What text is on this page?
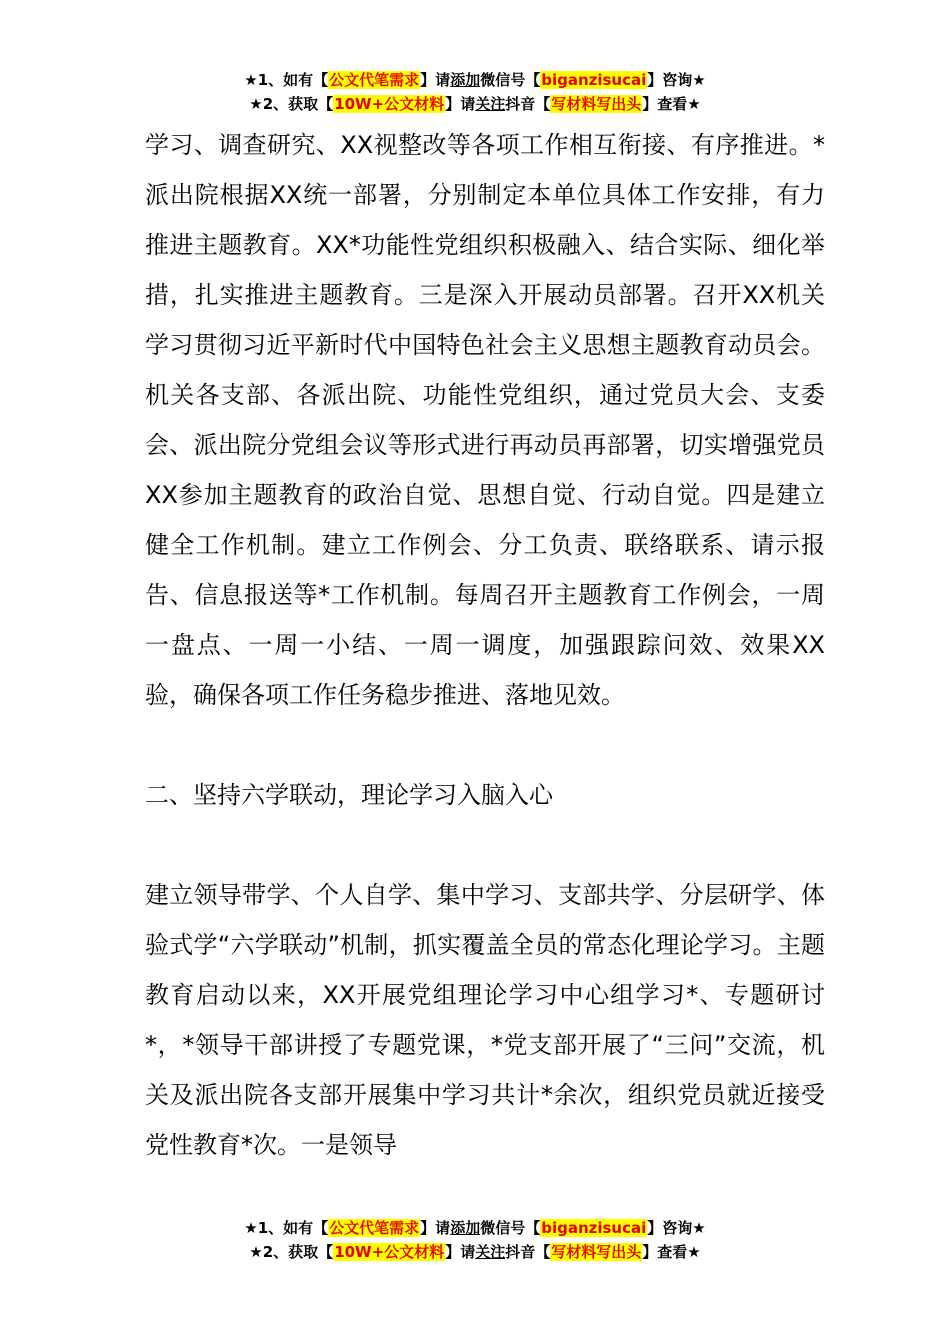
★1、如有【公文代笔需求】请添加微信号【biganzisucai】咨询★
★2、获取【10W+公文材料】请关注抖音【写材料写出头】查看★

学习、调查研究、XX视整改等各项工作相互衔接、有序推进。*派出院根据XX统一部署，分别制定本单位具体工作安排，有力推进主题教育。XX*功能性党组织积极融入、结合实际、细化举措，扎实推进主题教育。三是深入开展动员部署。召开XX机关学习贯彻习近平新时代中国特色社会主义思想主题教育动员会。机关各支部、各派出院、功能性党组织，通过党员大会、支委会、派出院分党组会议等形式进行再动员再部署，切实增强党员XX参加主题教育的政治自觉、思想自觉、行动自觉。四是建立健全工作机制。建立工作例会、分工负责、联络联系、请示报告、信息报送等*工作机制。每周召开主题教育工作例会，一周一盘点、一周一小结、一周一调度，加强跟踪问效、效果XX验，确保各项工作任务稳步推进、落地见效。

二、坚持六学联动，理论学习入脑入心

建立领导带学、个人自学、集中学习、支部共学、分层研学、体验式学“六学联动”机制，抓实覆盖全员的常态化理论学习。主题教育启动以来，XX开展党组理论学习中心组学习*、专题研讨*，*领导干部讲授了专题党课，*党支部开展了“三问”交流，机关及派出院各支部开展集中学习共计*余次，组织党员就近接受党性教育*次。一是领导

★1、如有【公文代笔需求】请添加微信号【biganzisucai】咨询★
★2、获取【10W+公文材料】请关注抖音【写材料写出头】查看★
